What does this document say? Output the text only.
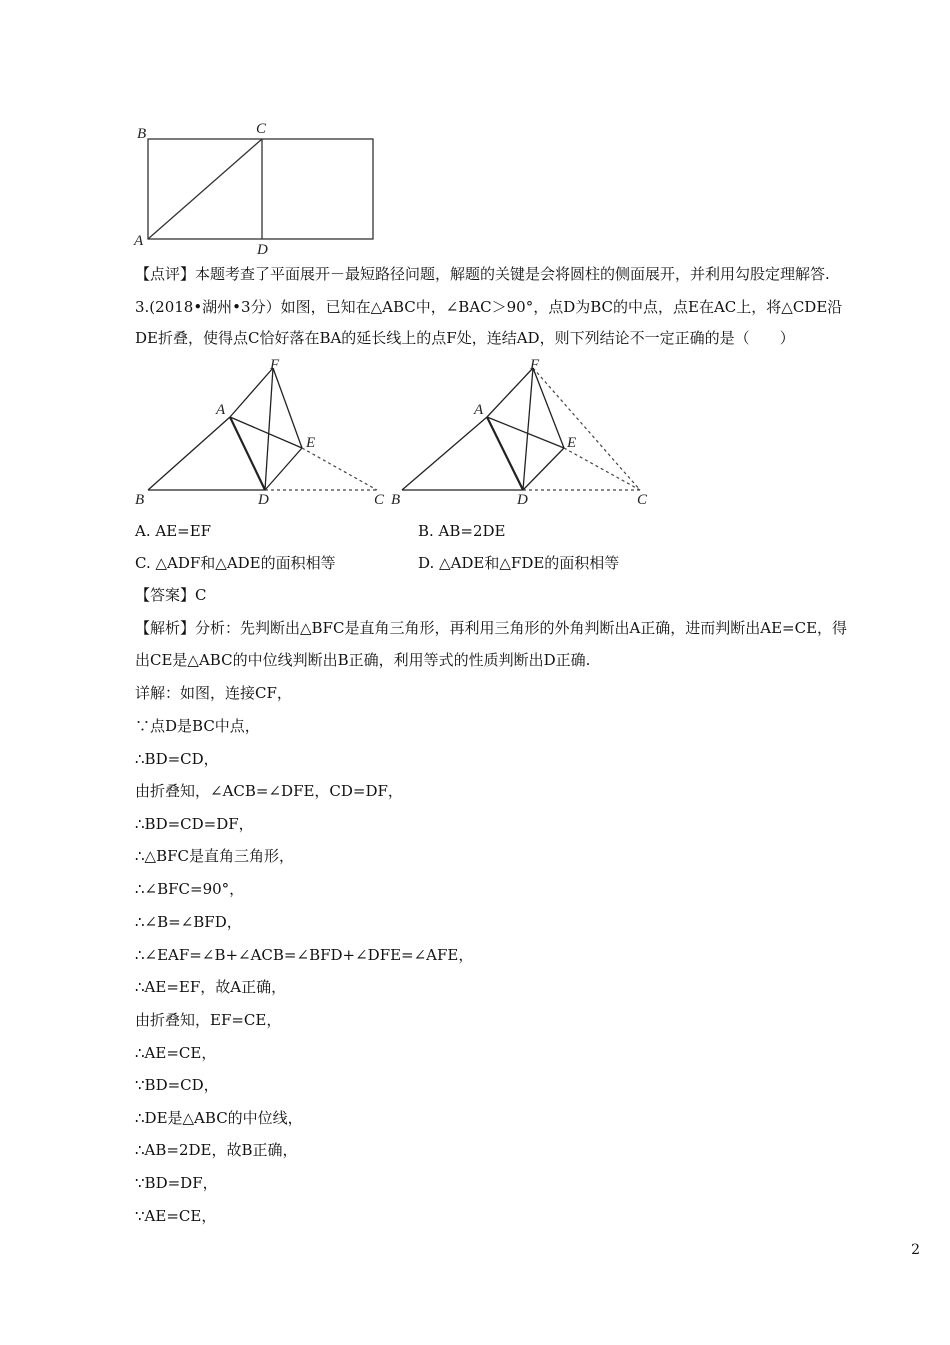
B	C
A
D
【点评】本题考查了平面展开－最短路径问题，解题的关键是会将圆柱的侧面展开，并利用勾股定理解答.
3.(2018•湖州•3分）如图，已知在△ABC中，∠BAC＞90°，点D为BC的中点，点E在AC上，将△CDE沿
DE折叠，使得点C恰好落在BA的延长线上的点F处，连结AD，则下列结论不一定正确的是（　　）
F
A
E
B	D	C
F
A
E
B	D	C
A. AE=EF	B. AB=2DE
C. △ADF和△ADE的面积相等	D. △ADE和△FDE的面积相等
【答案】C
【解析】分析：先判断出△BFC是直角三角形，再利用三角形的外角判断出A正确，进而判断出AE=CE，得
出CE是△ABC的中位线判断出B正确，利用等式的性质判断出D正确.
详解：如图，连接CF，
∵点D是BC中点，
∴BD=CD，
由折叠知，∠ACB=∠DFE，CD=DF，
∴BD=CD=DF，
∴△BFC是直角三角形，
∴∠BFC=90°，
∴∠B=∠BFD，
∴∠EAF=∠B+∠ACB=∠BFD+∠DFE=∠AFE，
∴AE=EF，故A正确，
由折叠知，EF=CE，
∴AE=CE，
∵BD=CD，
∴DE是△ABC的中位线，
∴AB=2DE，故B正确，
∵BD=DF，
∵AE=CE，
2
